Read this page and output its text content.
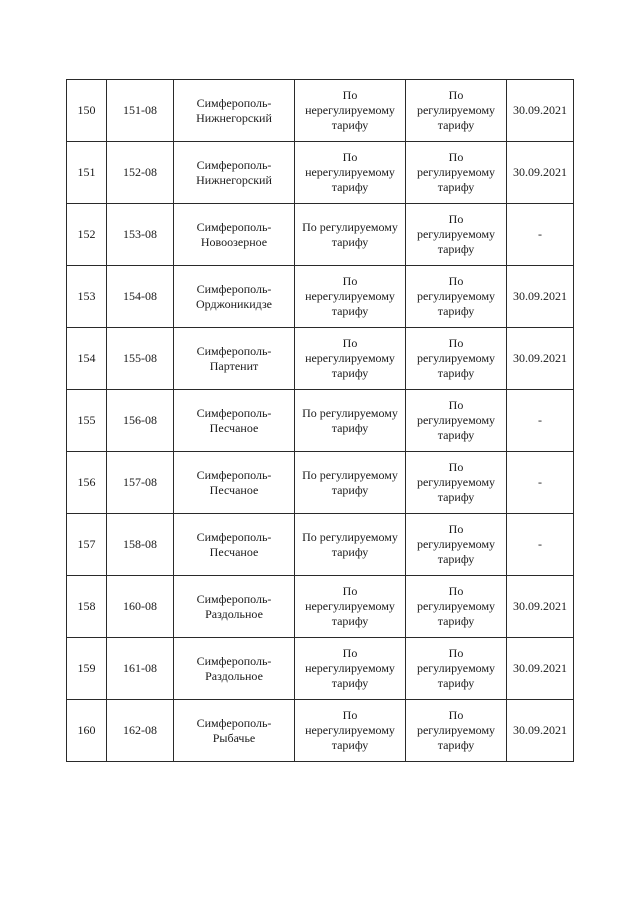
150	151-08	Симферополь-
Нижнегорский	По
нерегулируемому
тарифу	По
регулируемому
тарифу	30.09.2021

151	152-08	Симферополь-
Нижнегорский	По
нерегулируемому
тарифу	По
регулируемому
тарифу	30.09.2021

152	153-08	Симферополь-
Новоозерное	По регулируемому
тарифу	По
регулируемому
тарифу	-

153	154-08	Симферополь-
Орджоникидзе	По
нерегулируемому
тарифу	По
регулируемому
тарифу	30.09.2021

154	155-08	Симферополь-
Партенит	По
нерегулируемому
тарифу	По
регулируемому
тарифу	30.09.2021

155	156-08	Симферополь-
Песчаное	По регулируемому
тарифу	По
регулируемому
тарифу	-

156	157-08	Симферополь-
Песчаное	По регулируемому
тарифу	По
регулируемому
тарифу	-

157	158-08	Симферополь-
Песчаное	По регулируемому
тарифу	По
регулируемому
тарифу	-

158	160-08	Симферополь-
Раздольное	По
нерегулируемому
тарифу	По
регулируемому
тарифу	30.09.2021

159	161-08	Симферополь-
Раздольное	По
нерегулируемому
тарифу	По
регулируемому
тарифу	30.09.2021

160	162-08	Симферополь-
Рыбачье	По
нерегулируемому
тарифу	По
регулируемому
тарифу	30.09.2021
